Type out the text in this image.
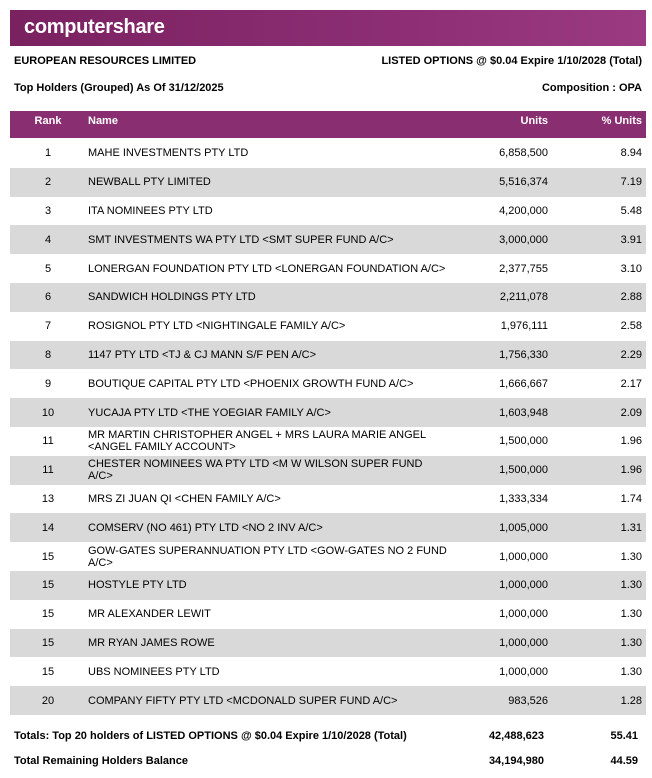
computershare
EUROPEAN RESOURCES LIMITED	LISTED OPTIONS @ $0.04 Expire 1/10/2028 (Total)
Top Holders (Grouped) As Of 31/12/2025	Composition : OPA
Rank	Name	Units	% Units
1	MAHE INVESTMENTS PTY LTD	6,858,500	8.94
2	NEWBALL PTY LIMITED	5,516,374	7.19
3	ITA NOMINEES PTY LTD	4,200,000	5.48
4	SMT INVESTMENTS WA PTY LTD <SMT SUPER FUND A/C>	3,000,000	3.91
5	LONERGAN FOUNDATION PTY LTD <LONERGAN FOUNDATION A/C>	2,377,755	3.10
6	SANDWICH HOLDINGS PTY LTD	2,211,078	2.88
7	ROSIGNOL PTY LTD <NIGHTINGALE FAMILY A/C>	1,976,111	2.58
8	1147 PTY LTD <TJ & CJ MANN S/F PEN A/C>	1,756,330	2.29
9	BOUTIQUE CAPITAL PTY LTD <PHOENIX GROWTH FUND A/C>	1,666,667	2.17
10	YUCAJA PTY LTD <THE YOEGIAR FAMILY A/C>	1,603,948	2.09
11	MR MARTIN CHRISTOPHER ANGEL + MRS LAURA MARIE ANGEL <ANGEL FAMILY ACCOUNT>	1,500,000	1.96
11	CHESTER NOMINEES WA PTY LTD <M W WILSON SUPER FUND A/C>	1,500,000	1.96
13	MRS ZI JUAN QI <CHEN FAMILY A/C>	1,333,334	1.74
14	COMSERV (NO 461) PTY LTD <NO 2 INV A/C>	1,005,000	1.31
15	GOW-GATES SUPERANNUATION PTY LTD <GOW-GATES NO 2 FUND A/C>	1,000,000	1.30
15	HOSTYLE PTY LTD	1,000,000	1.30
15	MR ALEXANDER LEWIT	1,000,000	1.30
15	MR RYAN JAMES ROWE	1,000,000	1.30
15	UBS NOMINEES PTY LTD	1,000,000	1.30
20	COMPANY FIFTY PTY LTD <MCDONALD SUPER FUND A/C>	983,526	1.28
Totals: Top 20 holders of LISTED OPTIONS @ $0.04 Expire 1/10/2028 (Total)	42,488,623	55.41
Total Remaining Holders Balance	34,194,980	44.59
